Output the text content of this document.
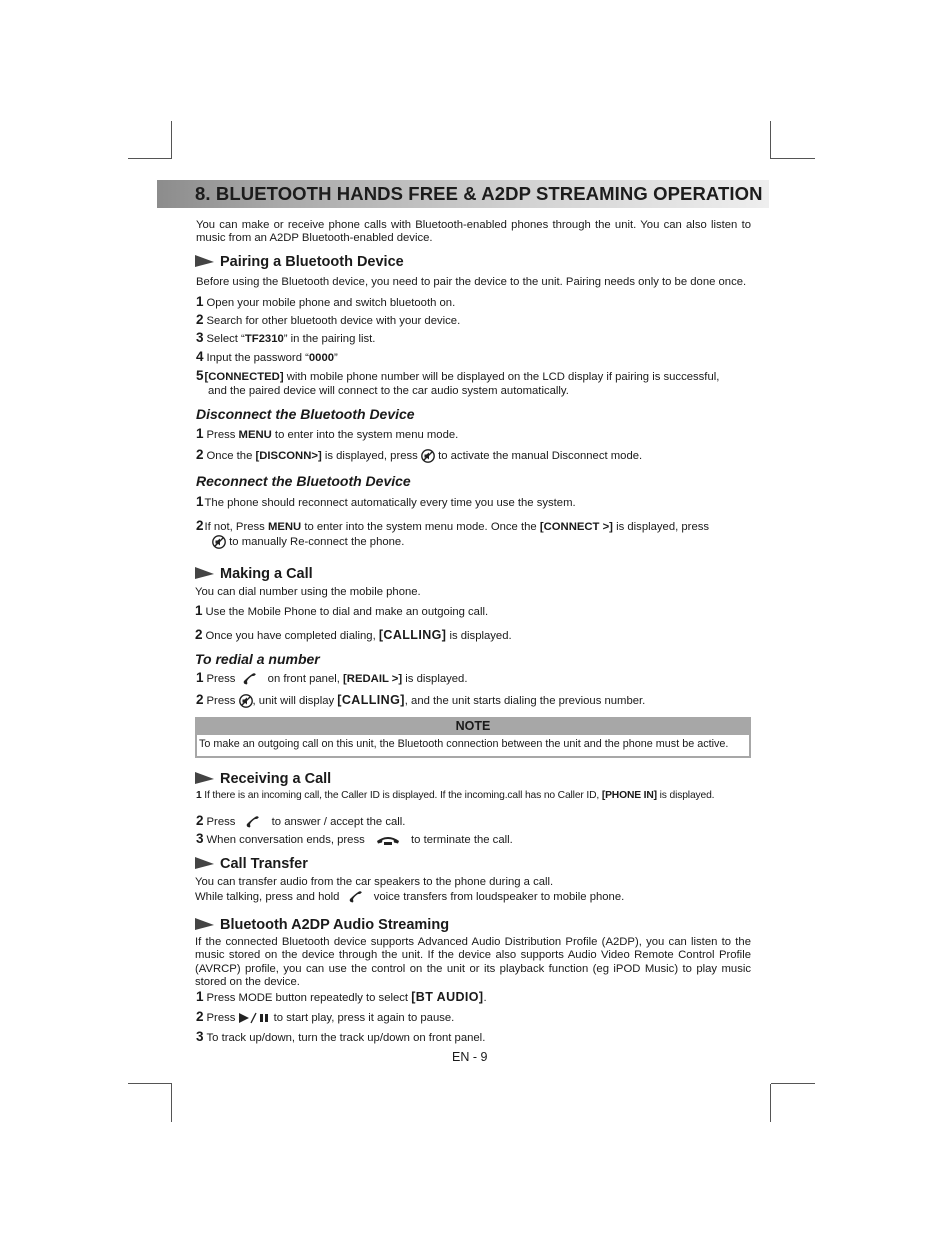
8. BLUETOOTH HANDS FREE & A2DP STREAMING OPERATION
You can make or receive phone calls with Bluetooth-enabled phones through the unit. You can also listen to music from an A2DP Bluetooth-enabled device.
Pairing a Bluetooth Device
Before using the Bluetooth device, you need to pair the device to the unit. Pairing needs only to be done once.
1 Open your mobile phone and switch bluetooth on.
2 Search for other bluetooth device with your device.
3 Select “TF2310” in the pairing list.
4 Input the password “0000”
5[CONNECTED] with mobile phone number will be displayed on the LCD display if pairing is successful,
and the paired device will connect to the car audio system automatically.
Disconnect the Bluetooth Device
1 Press MENU to enter into the system menu mode.
2 Once the [DISCONN>] is displayed, press  to activate the manual Disconnect mode.
Reconnect the Bluetooth Device
1The phone should reconnect automatically every time you use the system.
2If not, Press MENU to enter into the system menu mode. Once the [CONNECT >] is displayed, press
to manually Re-connect the phone.
Making a Call
You can dial number using the mobile phone.
1 Use the Mobile Phone to dial and make an outgoing call.
2 Once you have completed dialing, [CALLING] is displayed.
To redial a number
1 Press  on front panel, [REDAIL >] is displayed.
2 Press , unit will display [CALLING], and the unit starts dialing the previous number.
NOTE
To make an outgoing call on this unit, the Bluetooth connection between the unit and the phone must be active.
Receiving a Call
1 If there is an incoming call, the Caller ID is displayed. If the incoming.call has no Caller ID, [PHONE IN] is displayed.
2 Press	to answer / accept the call.
3 When conversation ends, press	to terminate the call.
Call Transfer
You can transfer audio from the car speakers to the phone during a call.
While talking, press and hold  voice transfers from loudspeaker to mobile phone.
Bluetooth A2DP Audio Streaming
If the connected Bluetooth device supports Advanced Audio Distribution Profile (A2DP), you can listen to the music stored on the device through the unit. If the device also supports Audio Video Remote Control Profile (AVRCP) profile, you can use the control on the unit or its playback function (eg iPOD Music) to play music stored on the device.
1 Press MODE button repeatedly to select [BT AUDIO].
2 Press	to start play, press it again to pause.
3 To track up/down, turn the track up/down on front panel.
EN - 9
